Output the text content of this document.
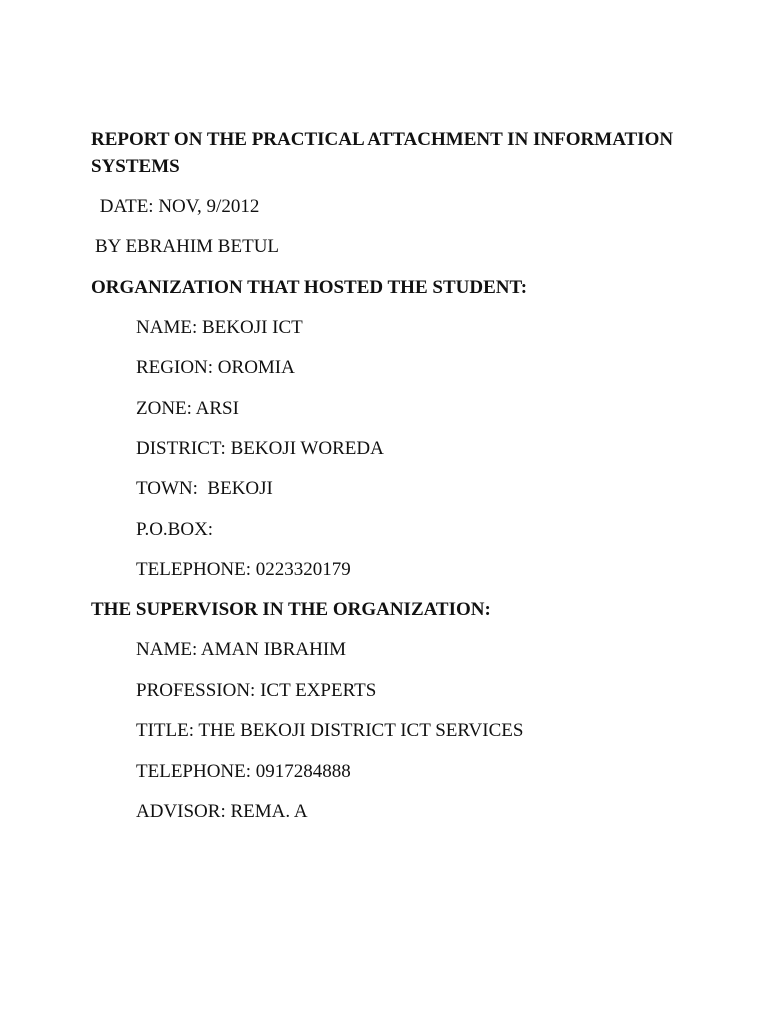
REPORT ON THE PRACTICAL ATTACHMENT IN INFORMATION SYSTEMS

DATE: NOV, 9/2012

BY EBRAHIM BETUL

ORGANIZATION THAT HOSTED THE STUDENT:

NAME: BEKOJI ICT

REGION: OROMIA

ZONE: ARSI

DISTRICT: BEKOJI WOREDA

TOWN:  BEKOJI

P.O.BOX:

TELEPHONE: 0223320179

THE SUPERVISOR IN THE ORGANIZATION:

NAME: AMAN IBRAHIM

PROFESSION: ICT EXPERTS

TITLE: THE BEKOJI DISTRICT ICT SERVICES

TELEPHONE: 0917284888

ADVISOR: REMA. A
